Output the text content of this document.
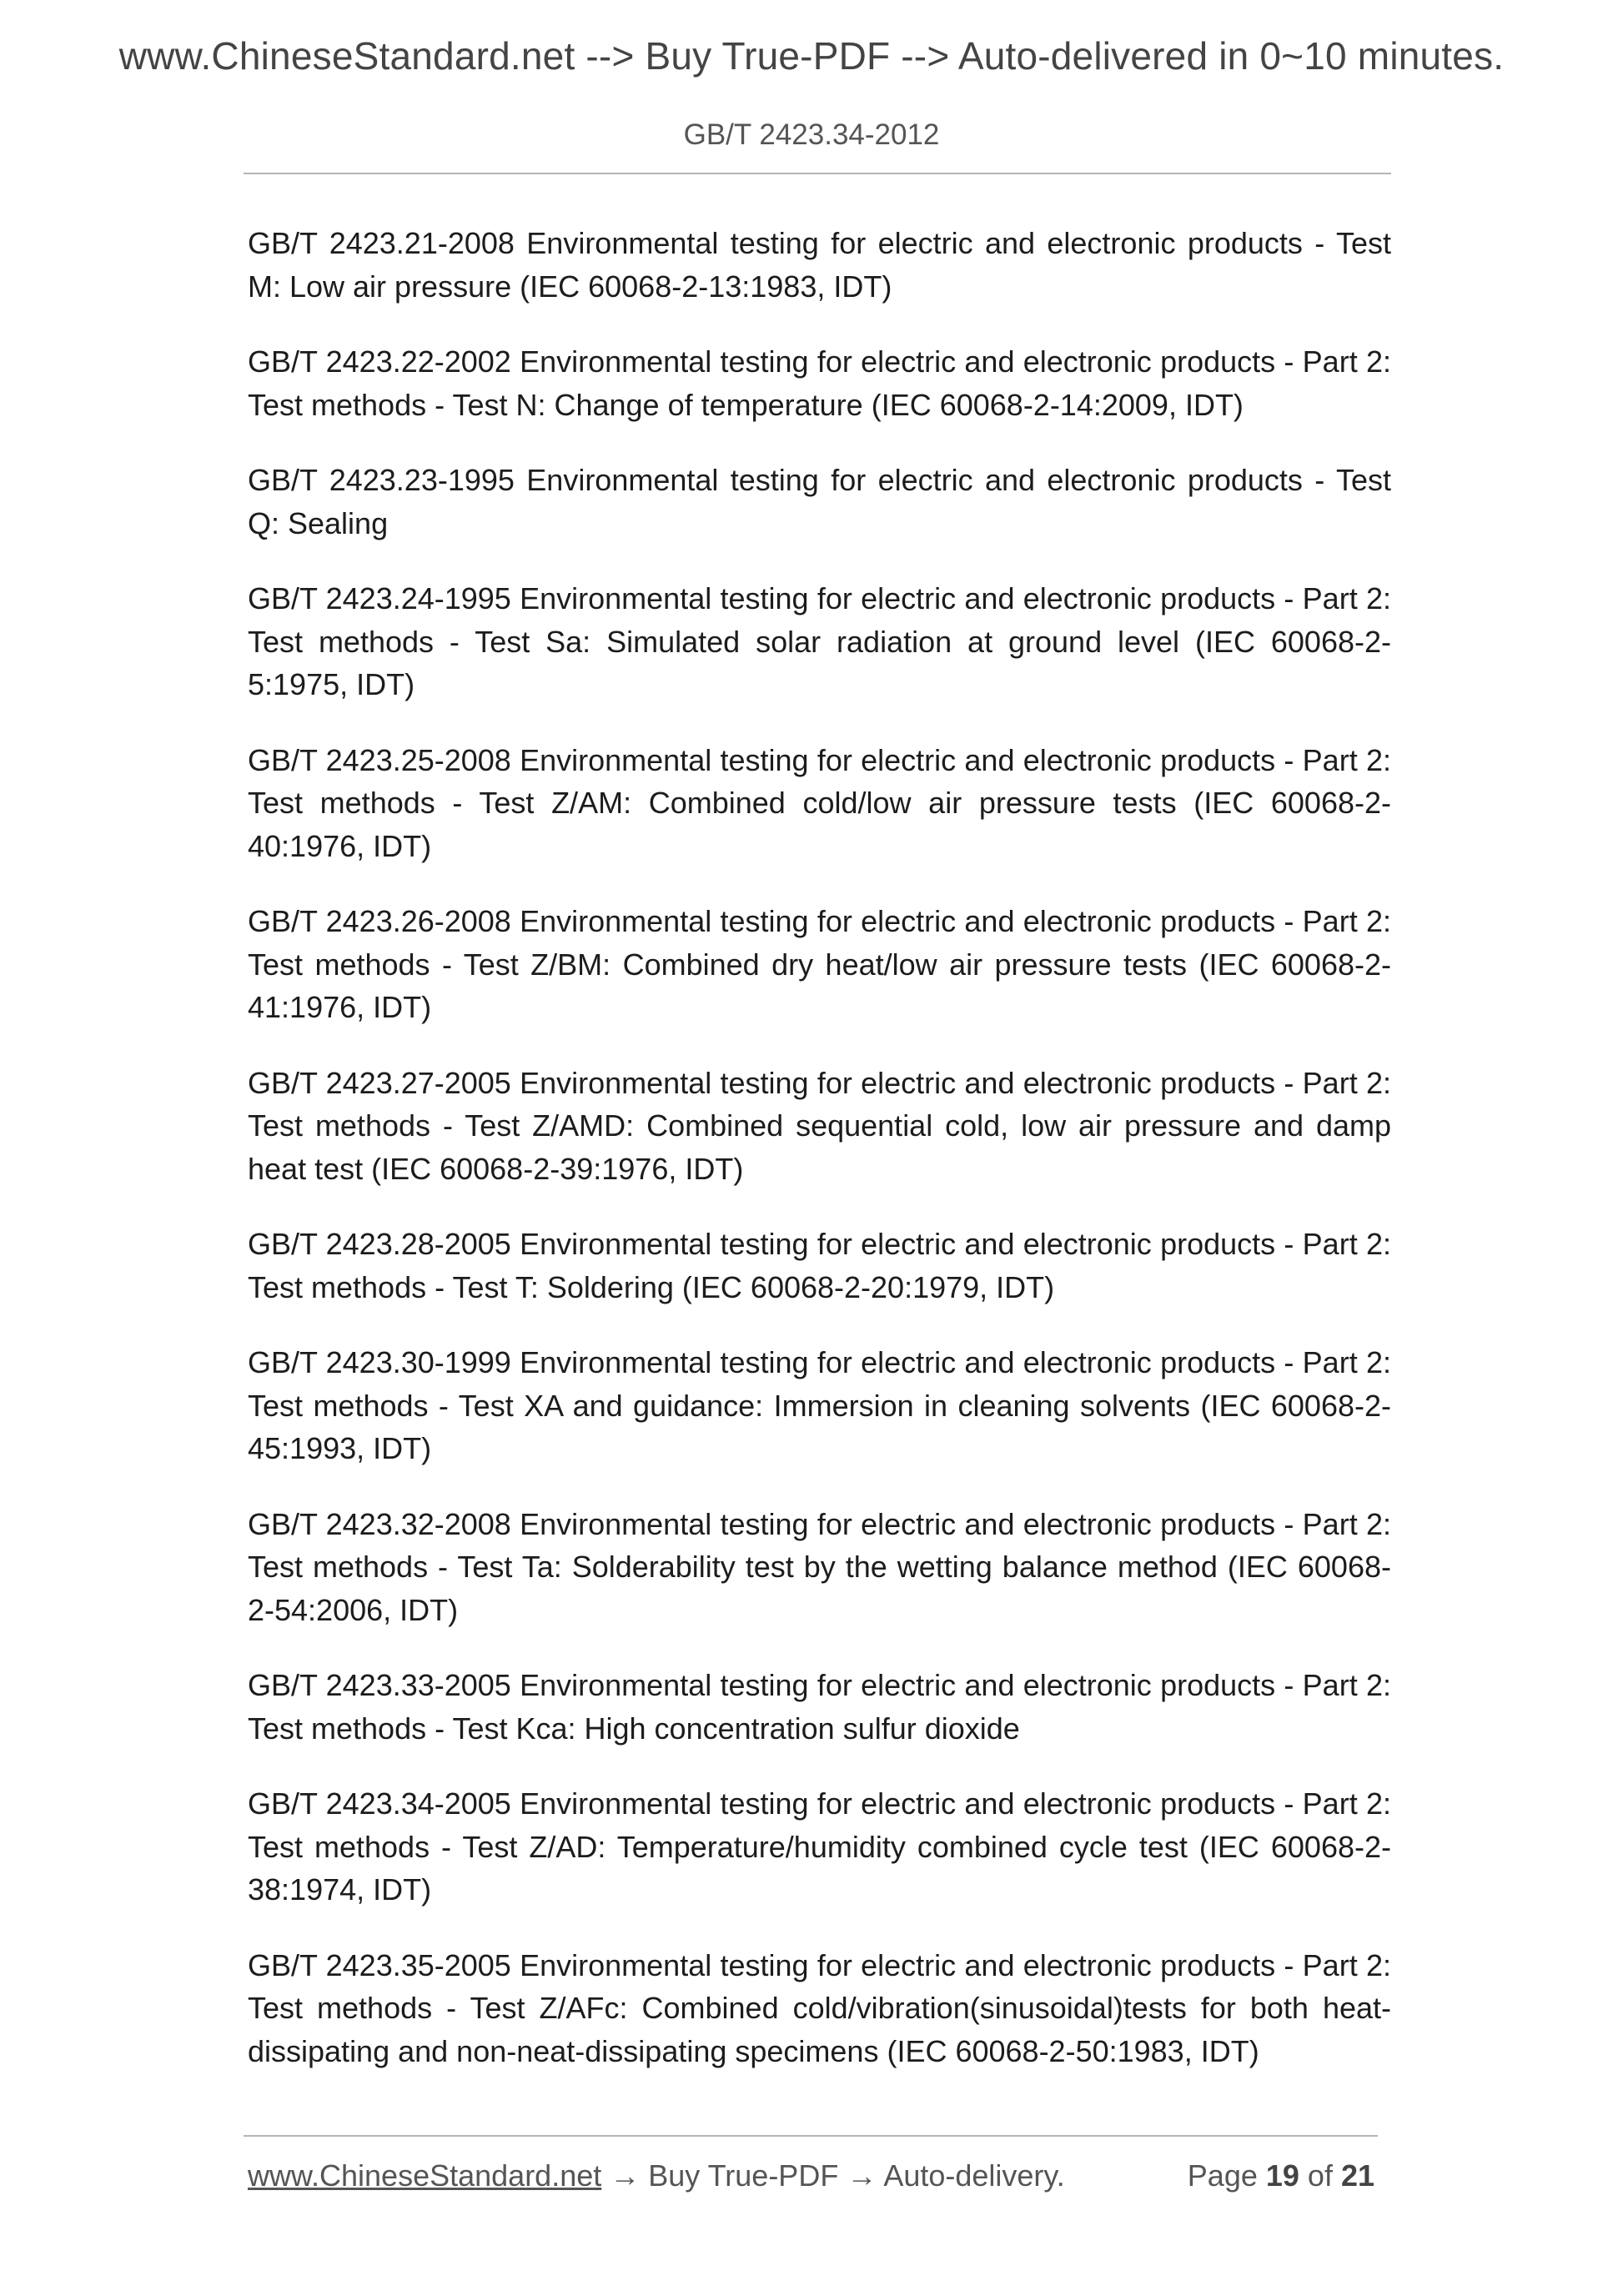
www.ChineseStandard.net --> Buy True-PDF --> Auto-delivered in 0~10 minutes.
GB/T 2423.34-2012
GB/T 2423.21-2008 Environmental testing for electric and electronic products - Test M: Low air pressure (IEC 60068-2-13:1983, IDT)
GB/T 2423.22-2002 Environmental testing for electric and electronic products - Part 2: Test methods - Test N: Change of temperature (IEC 60068-2-14:2009, IDT)
GB/T 2423.23-1995 Environmental testing for electric and electronic products - Test Q: Sealing
GB/T 2423.24-1995 Environmental testing for electric and electronic products - Part 2: Test methods - Test Sa: Simulated solar radiation at ground level (IEC 60068-2-5:1975, IDT)
GB/T 2423.25-2008 Environmental testing for electric and electronic products - Part 2: Test methods - Test Z/AM: Combined cold/low air pressure tests (IEC 60068-2-40:1976, IDT)
GB/T 2423.26-2008 Environmental testing for electric and electronic products - Part 2: Test methods - Test Z/BM: Combined dry heat/low air pressure tests (IEC 60068-2-41:1976, IDT)
GB/T 2423.27-2005 Environmental testing for electric and electronic products - Part 2: Test methods - Test Z/AMD: Combined sequential cold, low air pressure and damp heat test (IEC 60068-2-39:1976, IDT)
GB/T 2423.28-2005 Environmental testing for electric and electronic products - Part 2: Test methods - Test T: Soldering (IEC 60068-2-20:1979, IDT)
GB/T 2423.30-1999 Environmental testing for electric and electronic products - Part 2: Test methods - Test XA and guidance: Immersion in cleaning solvents (IEC 60068-2-45:1993, IDT)
GB/T 2423.32-2008 Environmental testing for electric and electronic products - Part 2: Test methods - Test Ta: Solderability test by the wetting balance method (IEC 60068-2-54:2006, IDT)
GB/T 2423.33-2005 Environmental testing for electric and electronic products - Part 2: Test methods - Test Kca: High concentration sulfur dioxide
GB/T 2423.34-2005 Environmental testing for electric and electronic products - Part 2: Test methods - Test Z/AD: Temperature/humidity combined cycle test (IEC 60068-2-38:1974, IDT)
GB/T 2423.35-2005 Environmental testing for electric and electronic products - Part 2: Test methods - Test Z/AFc: Combined cold/vibration(sinusoidal)tests for both heat-dissipating and non-neat-dissipating specimens (IEC 60068-2-50:1983, IDT)
www.ChineseStandard.net → Buy True-PDF → Auto-delivery.	Page 19 of 21
